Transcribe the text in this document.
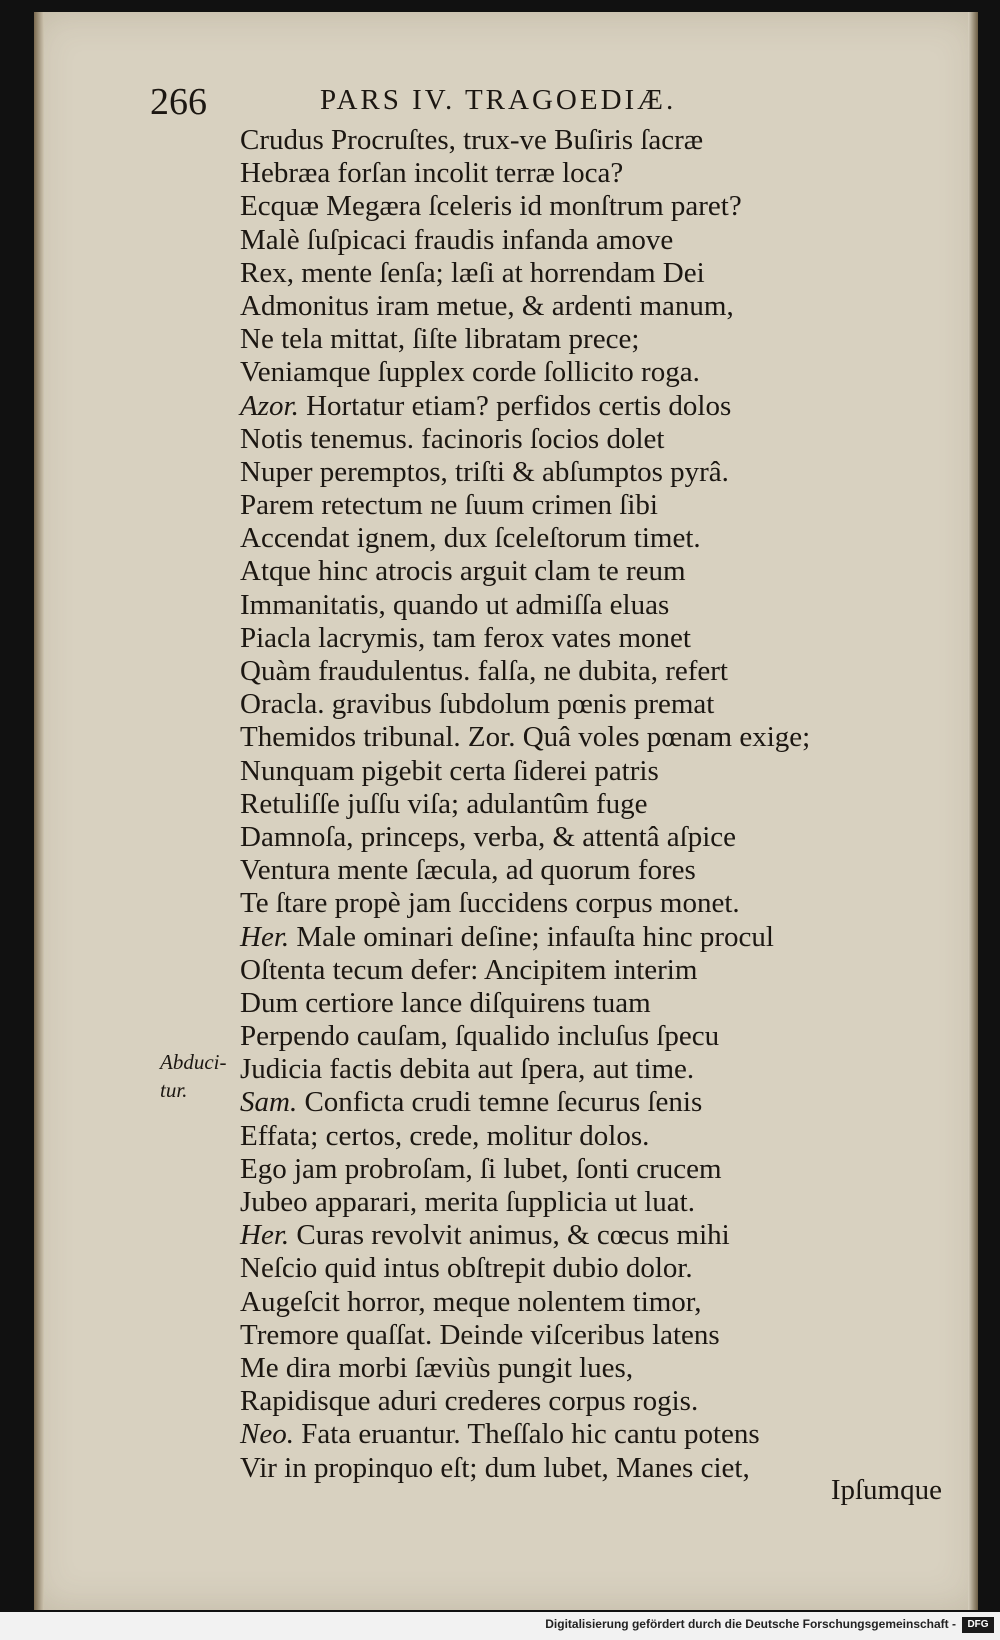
266	PARS IV. TRAGOEDIÆ.
Crudus Procruſtes, trux-ve Buſiris ſacræ
Hebræa forſan incolit terræ loca?
Ecquæ Megæra ſceleris id monſtrum paret?
Malè ſuſpicaci fraudis infanda amove
Rex, mente ſenſa; læſi at horrendam Dei
Admonitus iram metue, & ardenti manum,
Ne tela mittat, ſiſte libratam prece;
Veniamque ſupplex corde ſollicito roga.
Azor. Hortatur etiam? perfidos certis dolos
Notis tenemus. facinoris ſocios dolet
Nuper peremptos, triſti & abſumptos pyrâ.
Parem retectum ne ſuum crimen ſibi
Accendat ignem, dux ſceleſtorum timet.
Atque hinc atrocis arguit clam te reum
Immanitatis, quando ut admiſſa eluas
Piacla lacrymis, tam ferox vates monet
Quàm fraudulentus. falſa, ne dubita, refert
Oracla. gravibus ſubdolum pœnis premat
Themidos tribunal. Zor. Quâ voles pœnam exige;
Nunquam pigebit certa ſiderei patris
Retuliſſe juſſu viſa; adulantûm fuge
Damnoſa, princeps, verba, & attentâ aſpice
Ventura mente ſæcula, ad quorum fores
Te ſtare propè jam ſuccidens corpus monet.
Her. Male ominari deſine; infauſta hinc procul
Oſtenta tecum defer: Ancipitem interim
Dum certiore lance diſquirens tuam
Perpendo cauſam, ſqualido incluſus ſpecu
Judicia factis debita aut ſpera, aut time.
Sam. Conficta crudi temne ſecurus ſenis
Effata; certos, crede, molitur dolos.
Ego jam probroſam, ſi lubet, ſonti crucem
Jubeo apparari, merita ſupplicia ut luat.
Her. Curas revolvit animus, & cœcus mihi
Neſcio quid intus obſtrepit dubio dolor.
Augeſcit horror, meque nolentem timor,
Tremore quaſſat. Deinde viſceribus latens
Me dira morbi ſæviùs pungit lues,
Rapidisque aduri crederes corpus rogis.
Neo. Fata eruantur. Theſſalo hic cantu potens
Vir in propinquo eſt; dum lubet, Manes ciet,
Abduci-
tur.
Ipſumque
Digitalisierung gefördert durch die Deutsche Forschungsgemeinschaft -	DFG
